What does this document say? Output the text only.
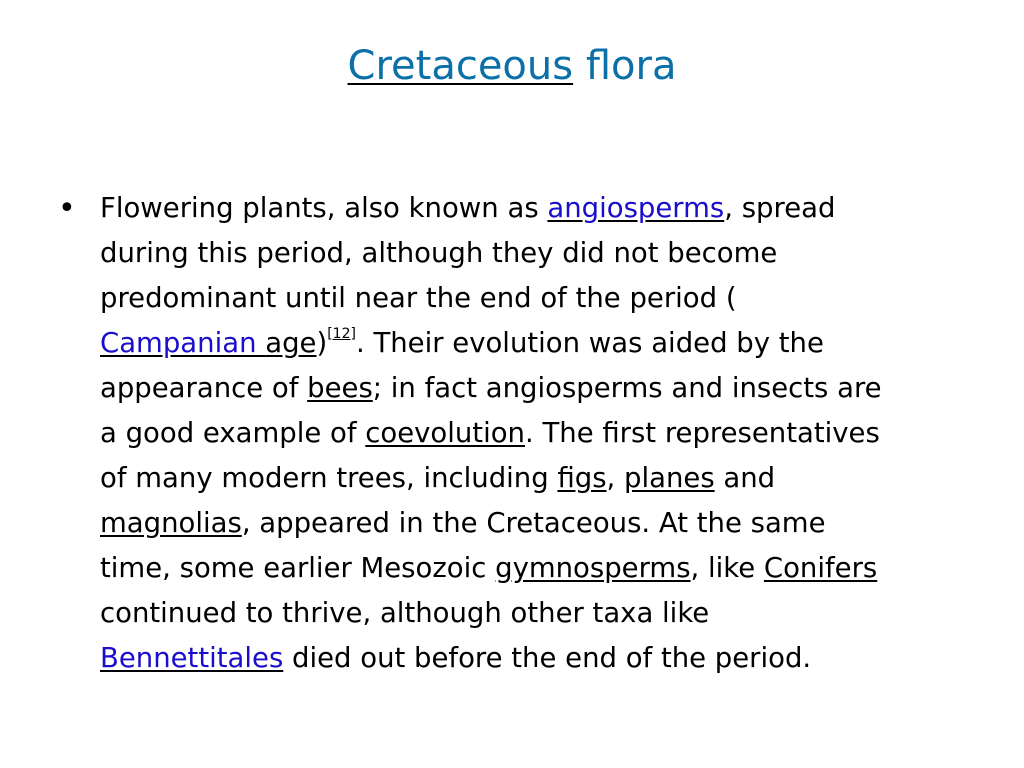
Cretaceous flora
• Flowering plants, also known as angiosperms, spread
during this period, although they did not become
predominant until near the end of the period (
Campanian age)[12]. Their evolution was aided by the
appearance of bees; in fact angiosperms and insects are
a good example of coevolution. The first representatives
of many modern trees, including figs, planes and
magnolias, appeared in the Cretaceous. At the same
time, some earlier Mesozoic gymnosperms, like Conifers
continued to thrive, although other taxa like
Bennettitales died out before the end of the period.
